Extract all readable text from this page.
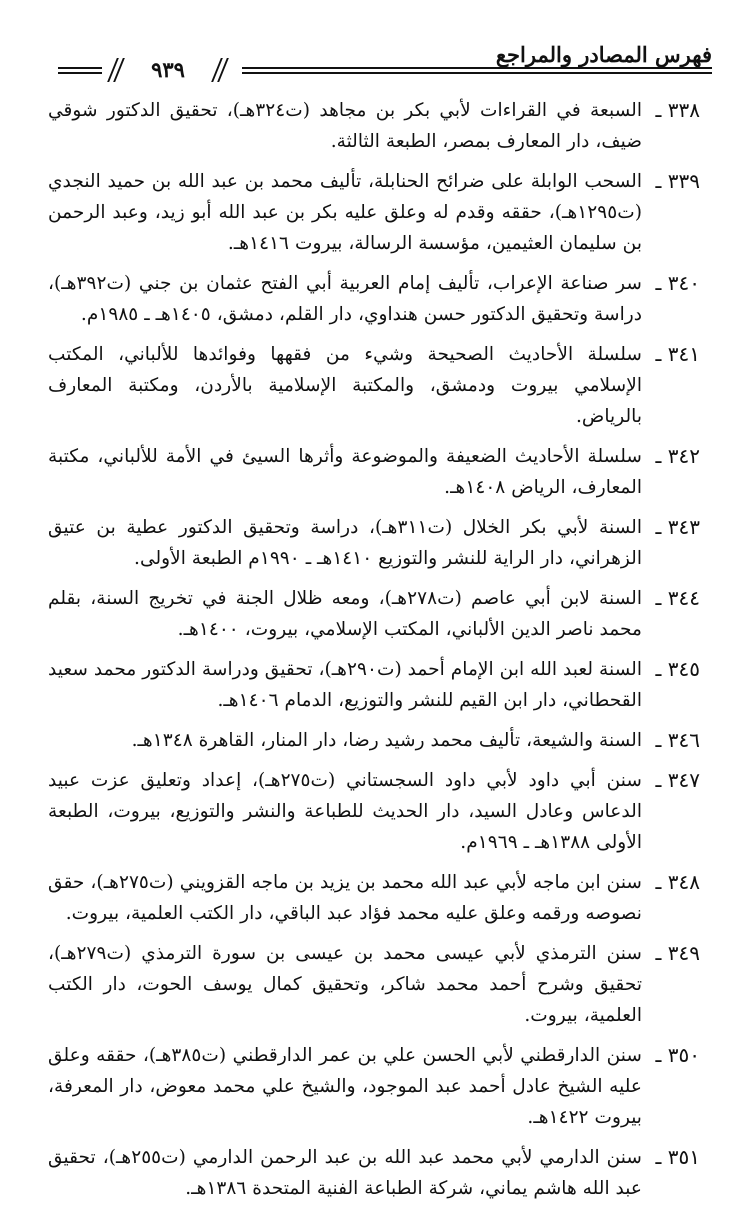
فهرس المصادر والمراجع
٩٣٩
٣٣٨ ـ
السبعة في القراءات لأبي بكر بن مجاهد (ت٣٢٤هـ)، تحقيق الدكتور شوقي ضيف، دار المعارف بمصر، الطبعة الثالثة.
٣٣٩ ـ
السحب الوابلة على ضرائح الحنابلة، تأليف محمد بن عبد الله بن حميد النجدي (ت١٢٩٥هـ)، حققه وقدم له وعلق عليه بكر بن عبد الله أبو زيد، وعبد الرحمن بن سليمان العثيمين، مؤسسة الرسالة، بيروت ١٤١٦هـ.
٣٤٠ ـ
سر صناعة الإعراب، تأليف إمام العربية أبي الفتح عثمان بن جني (ت٣٩٢هـ)، دراسة وتحقيق الدكتور حسن هنداوي، دار القلم، دمشق، ١٤٠٥هـ ـ ١٩٨٥م.
٣٤١ ـ
سلسلة الأحاديث الصحيحة وشيء من فقهها وفوائدها للألباني، المكتب الإسلامي بيروت ودمشق، والمكتبة الإسلامية بالأردن، ومكتبة المعارف بالرياض.
٣٤٢ ـ
سلسلة الأحاديث الضعيفة والموضوعة وأثرها السيئ في الأمة للألباني، مكتبة المعارف، الرياض ١٤٠٨هـ.
٣٤٣ ـ
السنة لأبي بكر الخلال (ت٣١١هـ)، دراسة وتحقيق الدكتور عطية بن عتيق الزهراني، دار الراية للنشر والتوزيع ١٤١٠هـ ـ ١٩٩٠م الطبعة الأولى.
٣٤٤ ـ
السنة لابن أبي عاصم (ت٢٧٨هـ)، ومعه ظلال الجنة في تخريج السنة، بقلم محمد ناصر الدين الألباني، المكتب الإسلامي، بيروت، ١٤٠٠هـ.
٣٤٥ ـ
السنة لعبد الله ابن الإمام أحمد (ت٢٩٠هـ)، تحقيق ودراسة الدكتور محمد سعيد القحطاني، دار ابن القيم للنشر والتوزيع، الدمام ١٤٠٦هـ.
٣٤٦ ـ
السنة والشيعة، تأليف محمد رشيد رضا، دار المنار، القاهرة ١٣٤٨هـ.
٣٤٧ ـ
سنن أبي داود لأبي داود السجستاني (ت٢٧٥هـ)، إعداد وتعليق عزت عبيد الدعاس وعادل السيد، دار الحديث للطباعة والنشر والتوزيع، بيروت، الطبعة الأولى ١٣٨٨هـ ـ ١٩٦٩م.
٣٤٨ ـ
سنن ابن ماجه لأبي عبد الله محمد بن يزيد بن ماجه القزويني (ت٢٧٥هـ)، حقق نصوصه ورقمه وعلق عليه محمد فؤاد عبد الباقي، دار الكتب العلمية، بيروت.
٣٤٩ ـ
سنن الترمذي لأبي عيسى محمد بن عيسى بن سورة الترمذي (ت٢٧٩هـ)، تحقيق وشرح أحمد محمد شاكر، وتحقيق كمال يوسف الحوت، دار الكتب العلمية، بيروت.
٣٥٠ ـ
سنن الدارقطني لأبي الحسن علي بن عمر الدارقطني (ت٣٨٥هـ)، حققه وعلق عليه الشيخ عادل أحمد عبد الموجود، والشيخ علي محمد معوض، دار المعرفة، بيروت ١٤٢٢هـ.
٣٥١ ـ
سنن الدارمي لأبي محمد عبد الله بن عبد الرحمن الدارمي (ت٢٥٥هـ)، تحقيق عبد الله هاشم يماني، شركة الطباعة الفنية المتحدة ١٣٨٦هـ.
